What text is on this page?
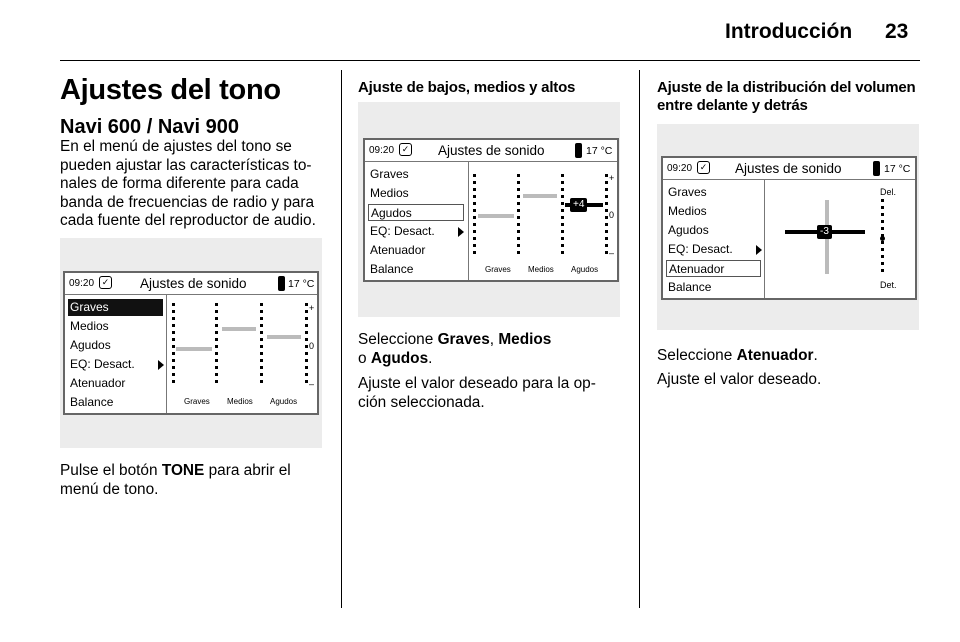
Introducción 23
Ajustes del tono
Navi 600 / Navi 900
En el menú de ajustes del tono se
pueden ajustar las características to-
nales de forma diferente para cada
banda de frecuencias de radio y para
cada fuente del reproductor de audio.
09:20 ✓ Ajustes de sonido	17 °C
Graves
Medios
Agudos
EQ: Desact.
Atenuador
Balance
+
0
–
Graves Medios Agudos
Pulse el botón TONE para abrir el
menú de tono.
Ajuste de bajos, medios y altos
09:20 ✓ Ajustes de sonido	17 °C
Graves
Medios
Agudos
EQ: Desact.
Atenuador
Balance
+4
+
0
–
Graves Medios Agudos
Seleccione Graves, Medios
o Agudos.
Ajuste el valor deseado para la op-
ción seleccionada.
Ajuste de la distribución del volumen
entre delante y detrás
09:20 ✓ Ajustes de sonido	17 °C
Graves
Medios
Agudos
EQ: Desact.
Atenuador
Balance
-3
Del.
Det.
Seleccione Atenuador.
Ajuste el valor deseado.
